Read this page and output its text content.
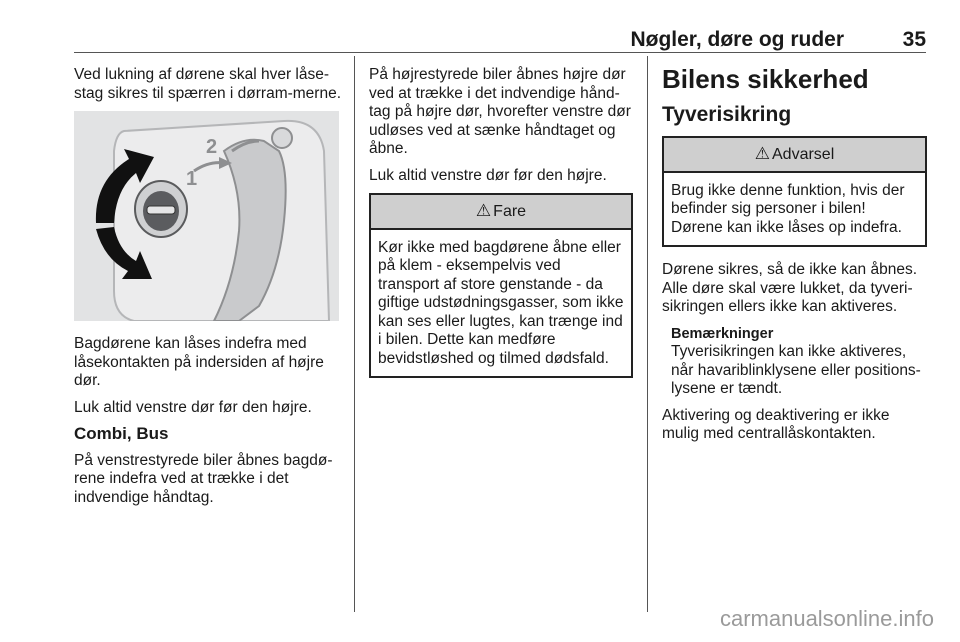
Nøgler, døre og ruder	35

Ved lukning af dørene skal hver låse-stag sikres til spærren i dørram-merne.

1
2

Bagdørene kan låses indefra med låsekontakten på indersiden af højre dør.

Luk altid venstre dør før den højre.

Combi, Bus

På venstrestyrede biler åbnes bagdø-rene indefra ved at trække i det indvendige håndtag.

På højrestyrede biler åbnes højre dør ved at trække i det indvendige hånd-tag på højre dør, hvorefter venstre dør udløses ved at sænke håndtaget og åbne.

Luk altid venstre dør før den højre.

⚠ Fare
Kør ikke med bagdørene åbne eller på klem - eksempelvis ved transport af store genstande - da giftige udstødningsgasser, som ikke kan ses eller lugtes, kan trænge ind i bilen. Dette kan medføre bevidstløshed og tilmed dødsfald.
Bilens sikkerhed
Tyverisikring
⚠ Advarsel
Brug ikke denne funktion, hvis der befinder sig personer i bilen! Dørene kan ikke låses op indefra.

Dørene sikres, så de ikke kan åbnes. Alle døre skal være lukket, da tyveri-sikringen ellers ikke kan aktiveres.

Bemærkninger
Tyverisikringen kan ikke aktiveres, når havariblinklysene eller positions-lysene er tændt.

Aktivering og deaktivering er ikke mulig med centrallåskontakten.

carmanualsonline.info
